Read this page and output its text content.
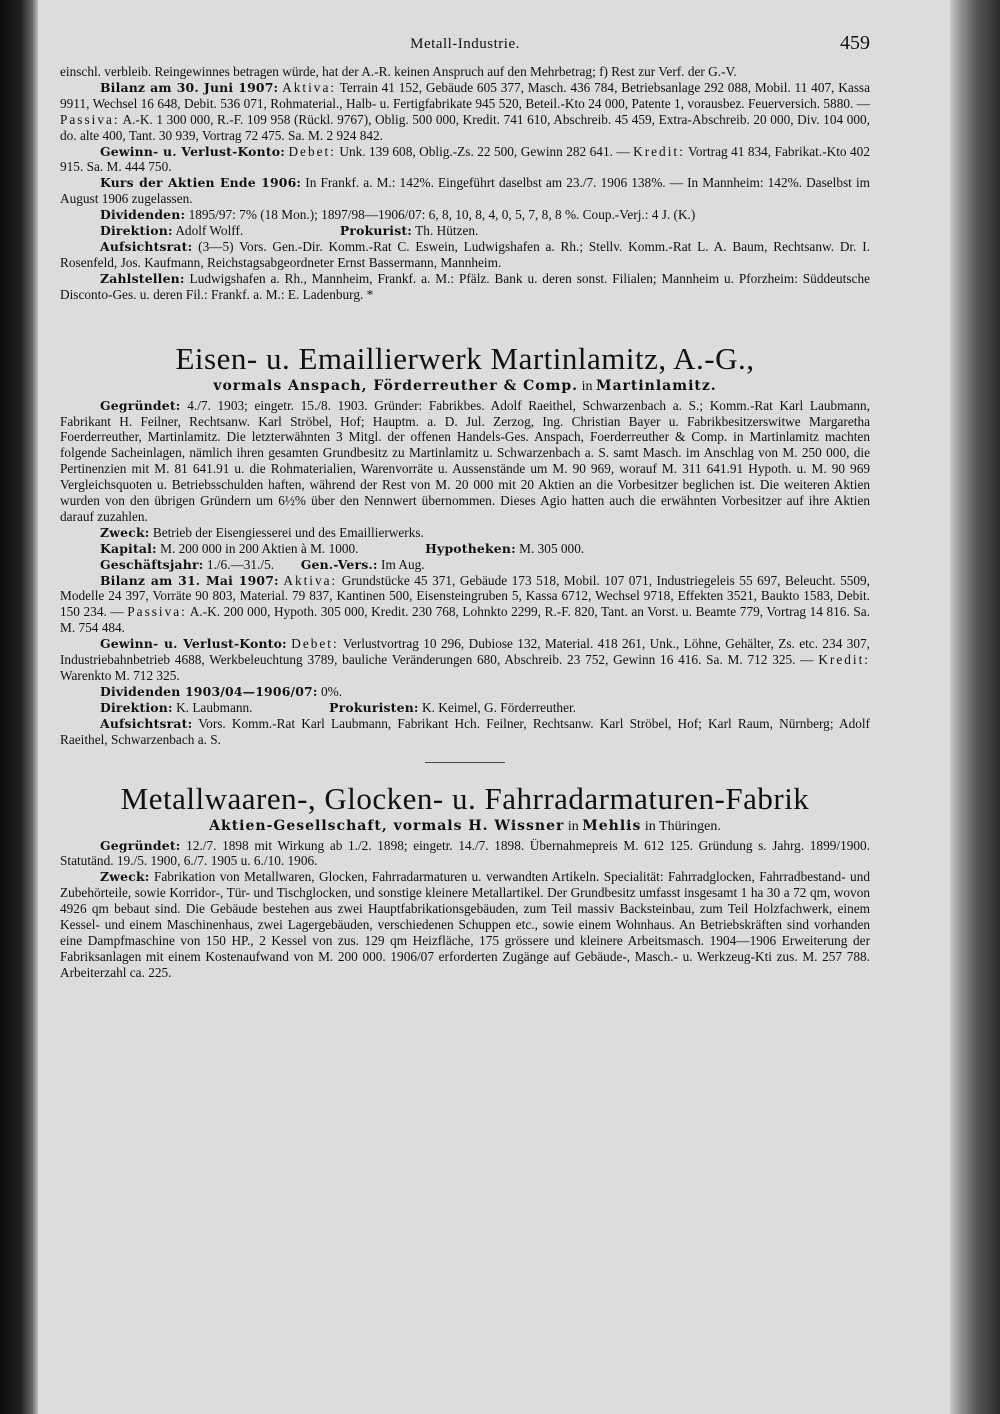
Metall-Industrie.	459

einschl. verbleib. Reingewinnes betragen würde, hat der A.-R. keinen Anspruch auf den Mehrbetrag; f) Rest zur Verf. der G.-V.

Bilanz am 30. Juni 1907: Aktiva: Terrain 41 152, Gebäude 605 377, Masch. 436 784, Betriebsanlage 292 088, Mobil. 11 407, Kassa 9911, Wechsel 16 648, Debit. 536 071, Rohmaterial., Halb- u. Fertigfabrikate 945 520, Beteil.-Kto 24 000, Patente 1, vorausbez. Feuerversich. 5880. — Passiva: A.-K. 1 300 000, R.-F. 109 958 (Rückl. 9767), Oblig. 500 000, Kredit. 741 610, Abschreib. 45 459, Extra-Abschreib. 20 000, Div. 104 000, do. alte 400, Tant. 30 939, Vortrag 72 475. Sa. M. 2 924 842.

Gewinn- u. Verlust-Konto: Debet: Unk. 139 608, Oblig.-Zs. 22 500, Gewinn 282 641. — Kredit: Vortrag 41 834, Fabrikat.-Kto 402 915. Sa. M. 444 750.

Kurs der Aktien Ende 1906: In Frankf. a. M.: 142%. Eingeführt daselbst am 23./7. 1906 138%. — In Mannheim: 142%. Daselbst im August 1906 zugelassen.

Dividenden: 1895/97: 7% (18 Mon.); 1897/98—1906/07: 6, 8, 10, 8, 4, 0, 5, 7, 8, 8 %. Coup.-Verj.: 4 J. (K.)

Direktion: Adolf Wolff.	Prokurist: Th. Hützen.

Aufsichtsrat: (3—5) Vors. Gen.-Dir. Komm.-Rat C. Eswein, Ludwigshafen a. Rh.; Stellv. Komm.-Rat L. A. Baum, Rechtsanw. Dr. I. Rosenfeld, Jos. Kaufmann, Reichstagsabgeordneter Ernst Bassermann, Mannheim.

Zahlstellen: Ludwigshafen a. Rh., Mannheim, Frankf. a. M.: Pfälz. Bank u. deren sonst. Filialen; Mannheim u. Pforzheim: Süddeutsche Disconto-Ges. u. deren Fil.: Frankf. a. M.: E. Ladenburg. *

Eisen- u. Emaillierwerk Martinlamitz, A.-G.,
vormals Anspach, Förderreuther & Comp. in Martinlamitz.

Gegründet: 4./7. 1903; eingetr. 15./8. 1903. Gründer: Fabrikbes. Adolf Raeithel, Schwarzenbach a. S.; Komm.-Rat Karl Laubmann, Fabrikant H. Feilner, Rechtsanw. Karl Ströbel, Hof; Hauptm. a. D. Jul. Zerzog, Ing. Christian Bayer u. Fabrikbesitzerswitwe Margaretha Foerderreuther, Martinlamitz. Die letzterwähnten 3 Mitgl. der offenen Handels-Ges. Anspach, Foerderreuther & Comp. in Martinlamitz machten folgende Sacheinlagen, nämlich ihren gesamten Grundbesitz zu Martinlamitz u. Schwarzenbach a. S. samt Masch. im Anschlag von M. 250 000, die Pertinenzien mit M. 81 641.91 u. die Rohmaterialien, Warenvorräte u. Aussenstände um M. 90 969, worauf M. 311 641.91 Hypoth. u. M. 90 969 Vergleichsquoten u. Betriebsschulden haften, während der Rest von M. 20 000 mit 20 Aktien an die Vorbesitzer beglichen ist. Die weiteren Aktien wurden von den übrigen Gründern um 6½% über den Nennwert übernommen. Dieses Agio hatten auch die erwähnten Vorbesitzer auf ihre Aktien darauf zuzahlen.

Zweck: Betrieb der Eisengiesserei und des Emaillierwerks.

Kapital: M. 200 000 in 200 Aktien à M. 1000.	Hypotheken: M. 305 000.

Geschäftsjahr: 1./6.—31./5. Gen.-Vers.: Im Aug.

Bilanz am 31. Mai 1907: Aktiva: Grundstücke 45 371, Gebäude 173 518, Mobil. 107 071, Industriegeleis 55 697, Beleucht. 5509, Modelle 24 397, Vorräte 90 803, Material. 79 837, Kantinen 500, Eisensteingruben 5, Kassa 6712, Wechsel 9718, Effekten 3521, Baukto 1583, Debit. 150 234. — Passiva: A.-K. 200 000, Hypoth. 305 000, Kredit. 230 768, Lohnkto 2299, R.-F. 820, Tant. an Vorst. u. Beamte 779, Vortrag 14 816. Sa. M. 754 484.

Gewinn- u. Verlust-Konto: Debet: Verlustvortrag 10 296, Dubiose 132, Material. 418 261, Unk., Löhne, Gehälter, Zs. etc. 234 307, Industriebahnbetrieb 4688, Werkbeleuchtung 3789, bauliche Veränderungen 680, Abschreib. 23 752, Gewinn 16 416. Sa. M. 712 325. — Kredit: Warenkto M. 712 325.

Dividenden 1903/04—1906/07: 0%.

Direktion: K. Laubmann.	Prokuristen: K. Keimel, G. Förderreuther.

Aufsichtsrat: Vors. Komm.-Rat Karl Laubmann, Fabrikant Hch. Feilner, Rechtsanw. Karl Ströbel, Hof; Karl Raum, Nürnberg; Adolf Raeithel, Schwarzenbach a. S.

Metallwaaren-, Glocken- u. Fahrradarmaturen-Fabrik
Aktien-Gesellschaft, vormals H. Wissner in Mehlis in Thüringen.

Gegründet: 12./7. 1898 mit Wirkung ab 1./2. 1898; eingetr. 14./7. 1898. Übernahmepreis M. 612 125. Gründung s. Jahrg. 1899/1900. Statutänd. 19./5. 1900, 6./7. 1905 u. 6./10. 1906.

Zweck: Fabrikation von Metallwaren, Glocken, Fahrradarmaturen u. verwandten Artikeln. Specialität: Fahrradglocken, Fahrradbestand- und Zubehörteile, sowie Korridor-, Tür- und Tischglocken, und sonstige kleinere Metallartikel. Der Grundbesitz umfasst insgesamt 1 ha 30 a 72 qm, wovon 4926 qm bebaut sind. Die Gebäude bestehen aus zwei Hauptfabrikationsgebäuden, zum Teil massiv Backsteinbau, zum Teil Holzfachwerk, einem Kessel- und einem Maschinenhaus, zwei Lagergebäuden, verschiedenen Schuppen etc., sowie einem Wohnhaus. An Betriebskräften sind vorhanden eine Dampfmaschine von 150 HP., 2 Kessel von zus. 129 qm Heizfläche, 175 grössere und kleinere Arbeitsmasch. 1904—1906 Erweiterung der Fabriksanlagen mit einem Kostenaufwand von M. 200 000. 1906/07 erforderten Zugänge auf Gebäude-, Masch.- u. Werkzeug-Kti zus. M. 257 788. Arbeiterzahl ca. 225.
